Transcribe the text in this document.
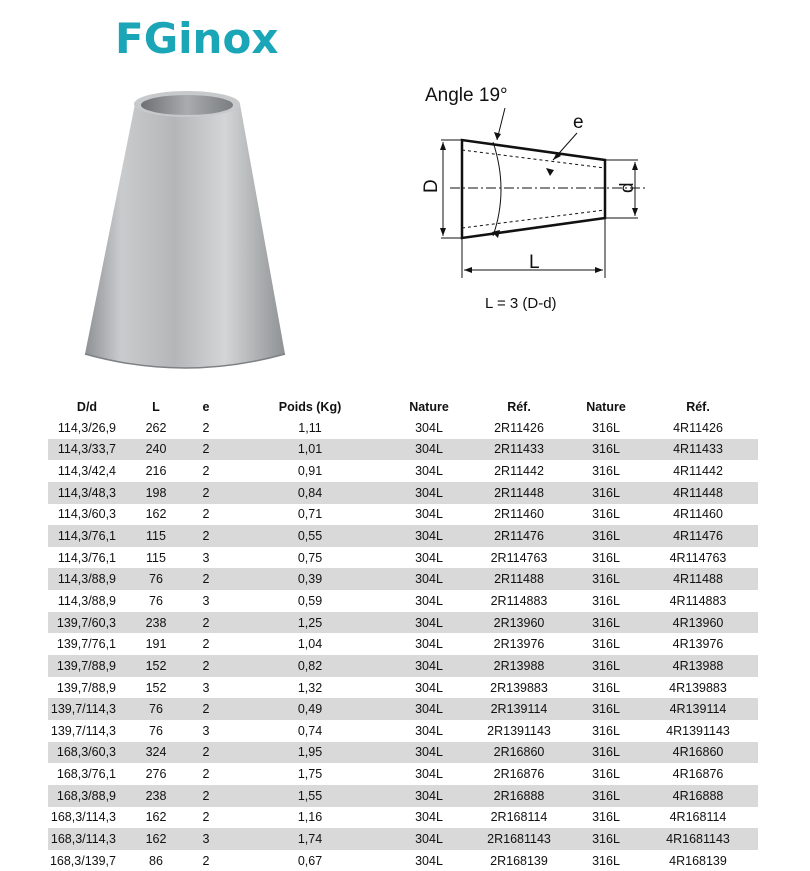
FGinox
Angle 19°
e
D	d
L
L = 3 (D-d)
D/d	L	e	Poids (Kg)	Nature	Réf.	Nature	Réf.
114,3/26,9	262	2	1,11	304L	2R11426	316L	4R11426
114,3/33,7	240	2	1,01	304L	2R11433	316L	4R11433
114,3/42,4	216	2	0,91	304L	2R11442	316L	4R11442
114,3/48,3	198	2	0,84	304L	2R11448	316L	4R11448
114,3/60,3	162	2	0,71	304L	2R11460	316L	4R11460
114,3/76,1	115	2	0,55	304L	2R11476	316L	4R11476
114,3/76,1	115	3	0,75	304L	2R114763	316L	4R114763
114,3/88,9	76	2	0,39	304L	2R11488	316L	4R11488
114,3/88,9	76	3	0,59	304L	2R114883	316L	4R114883
139,7/60,3	238	2	1,25	304L	2R13960	316L	4R13960
139,7/76,1	191	2	1,04	304L	2R13976	316L	4R13976
139,7/88,9	152	2	0,82	304L	2R13988	316L	4R13988
139,7/88,9	152	3	1,32	304L	2R139883	316L	4R139883
139,7/114,3	76	2	0,49	304L	2R139114	316L	4R139114
139,7/114,3	76	3	0,74	304L	2R1391143	316L	4R1391143
168,3/60,3	324	2	1,95	304L	2R16860	316L	4R16860
168,3/76,1	276	2	1,75	304L	2R16876	316L	4R16876
168,3/88,9	238	2	1,55	304L	2R16888	316L	4R16888
168,3/114,3	162	2	1,16	304L	2R168114	316L	4R168114
168,3/114,3	162	3	1,74	304L	2R1681143	316L	4R1681143
168,3/139,7	86	2	0,67	304L	2R168139	316L	4R168139
